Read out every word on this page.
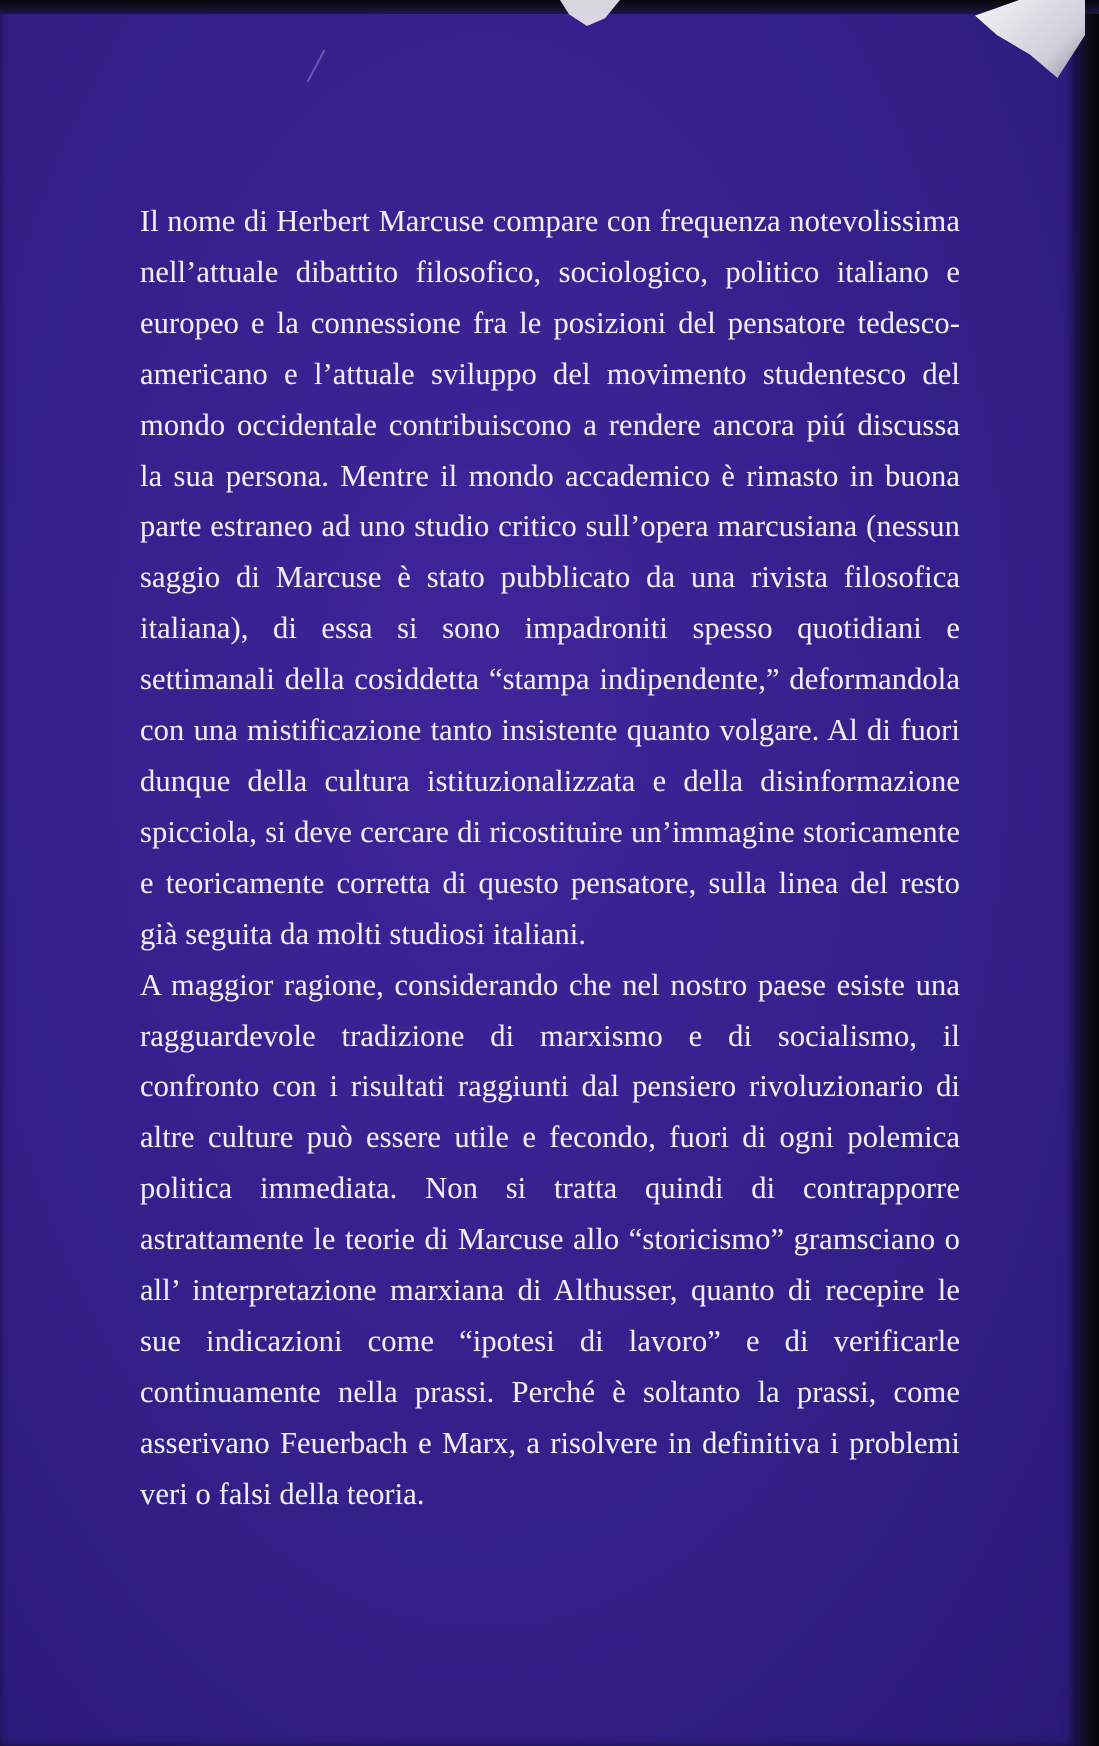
Il nome di Herbert Marcuse compare con frequenza notevolissima nell’attuale dibattito filosofico, sociologico, politico italiano e europeo e la connessione fra le posizioni del pensatore tedesco-americano e l’attuale sviluppo del movimento studentesco del mondo occidentale contribuiscono a rendere ancora piú discussa la sua persona. Mentre il mondo accademico è rimasto in buona parte estraneo ad uno studio critico sull’opera marcusiana (nessun saggio di Marcuse è stato pubblicato da una rivista filosofica italiana), di essa si sono impadroniti spesso quotidiani e settimanali della cosiddetta “stampa indipendente,” deformandola con una mistificazione tanto insistente quanto volgare. Al di fuori dunque della cultura istituzionalizzata e della disinformazione spicciola, si deve cercare di ricostituire un’immagine storicamente e teoricamente corretta di questo pensatore, sulla linea del resto già seguita da molti studiosi italiani.

A maggior ragione, considerando che nel nostro paese esiste una ragguardevole tradizione di marxismo e di socialismo, il confronto con i risultati raggiunti dal pensiero rivoluzionario di altre culture può essere utile e fecondo, fuori di ogni polemica politica immediata. Non si tratta quindi di contrapporre astrattamente le teorie di Marcuse allo “storicismo” gramsciano o all’ interpretazione marxiana di Althusser, quanto di recepire le sue indicazioni come “ipotesi di lavoro” e di verificarle continuamente nella prassi. Perché è soltanto la prassi, come asserivano Feuerbach e Marx, a risolvere in definitiva i problemi veri o falsi della teoria.
